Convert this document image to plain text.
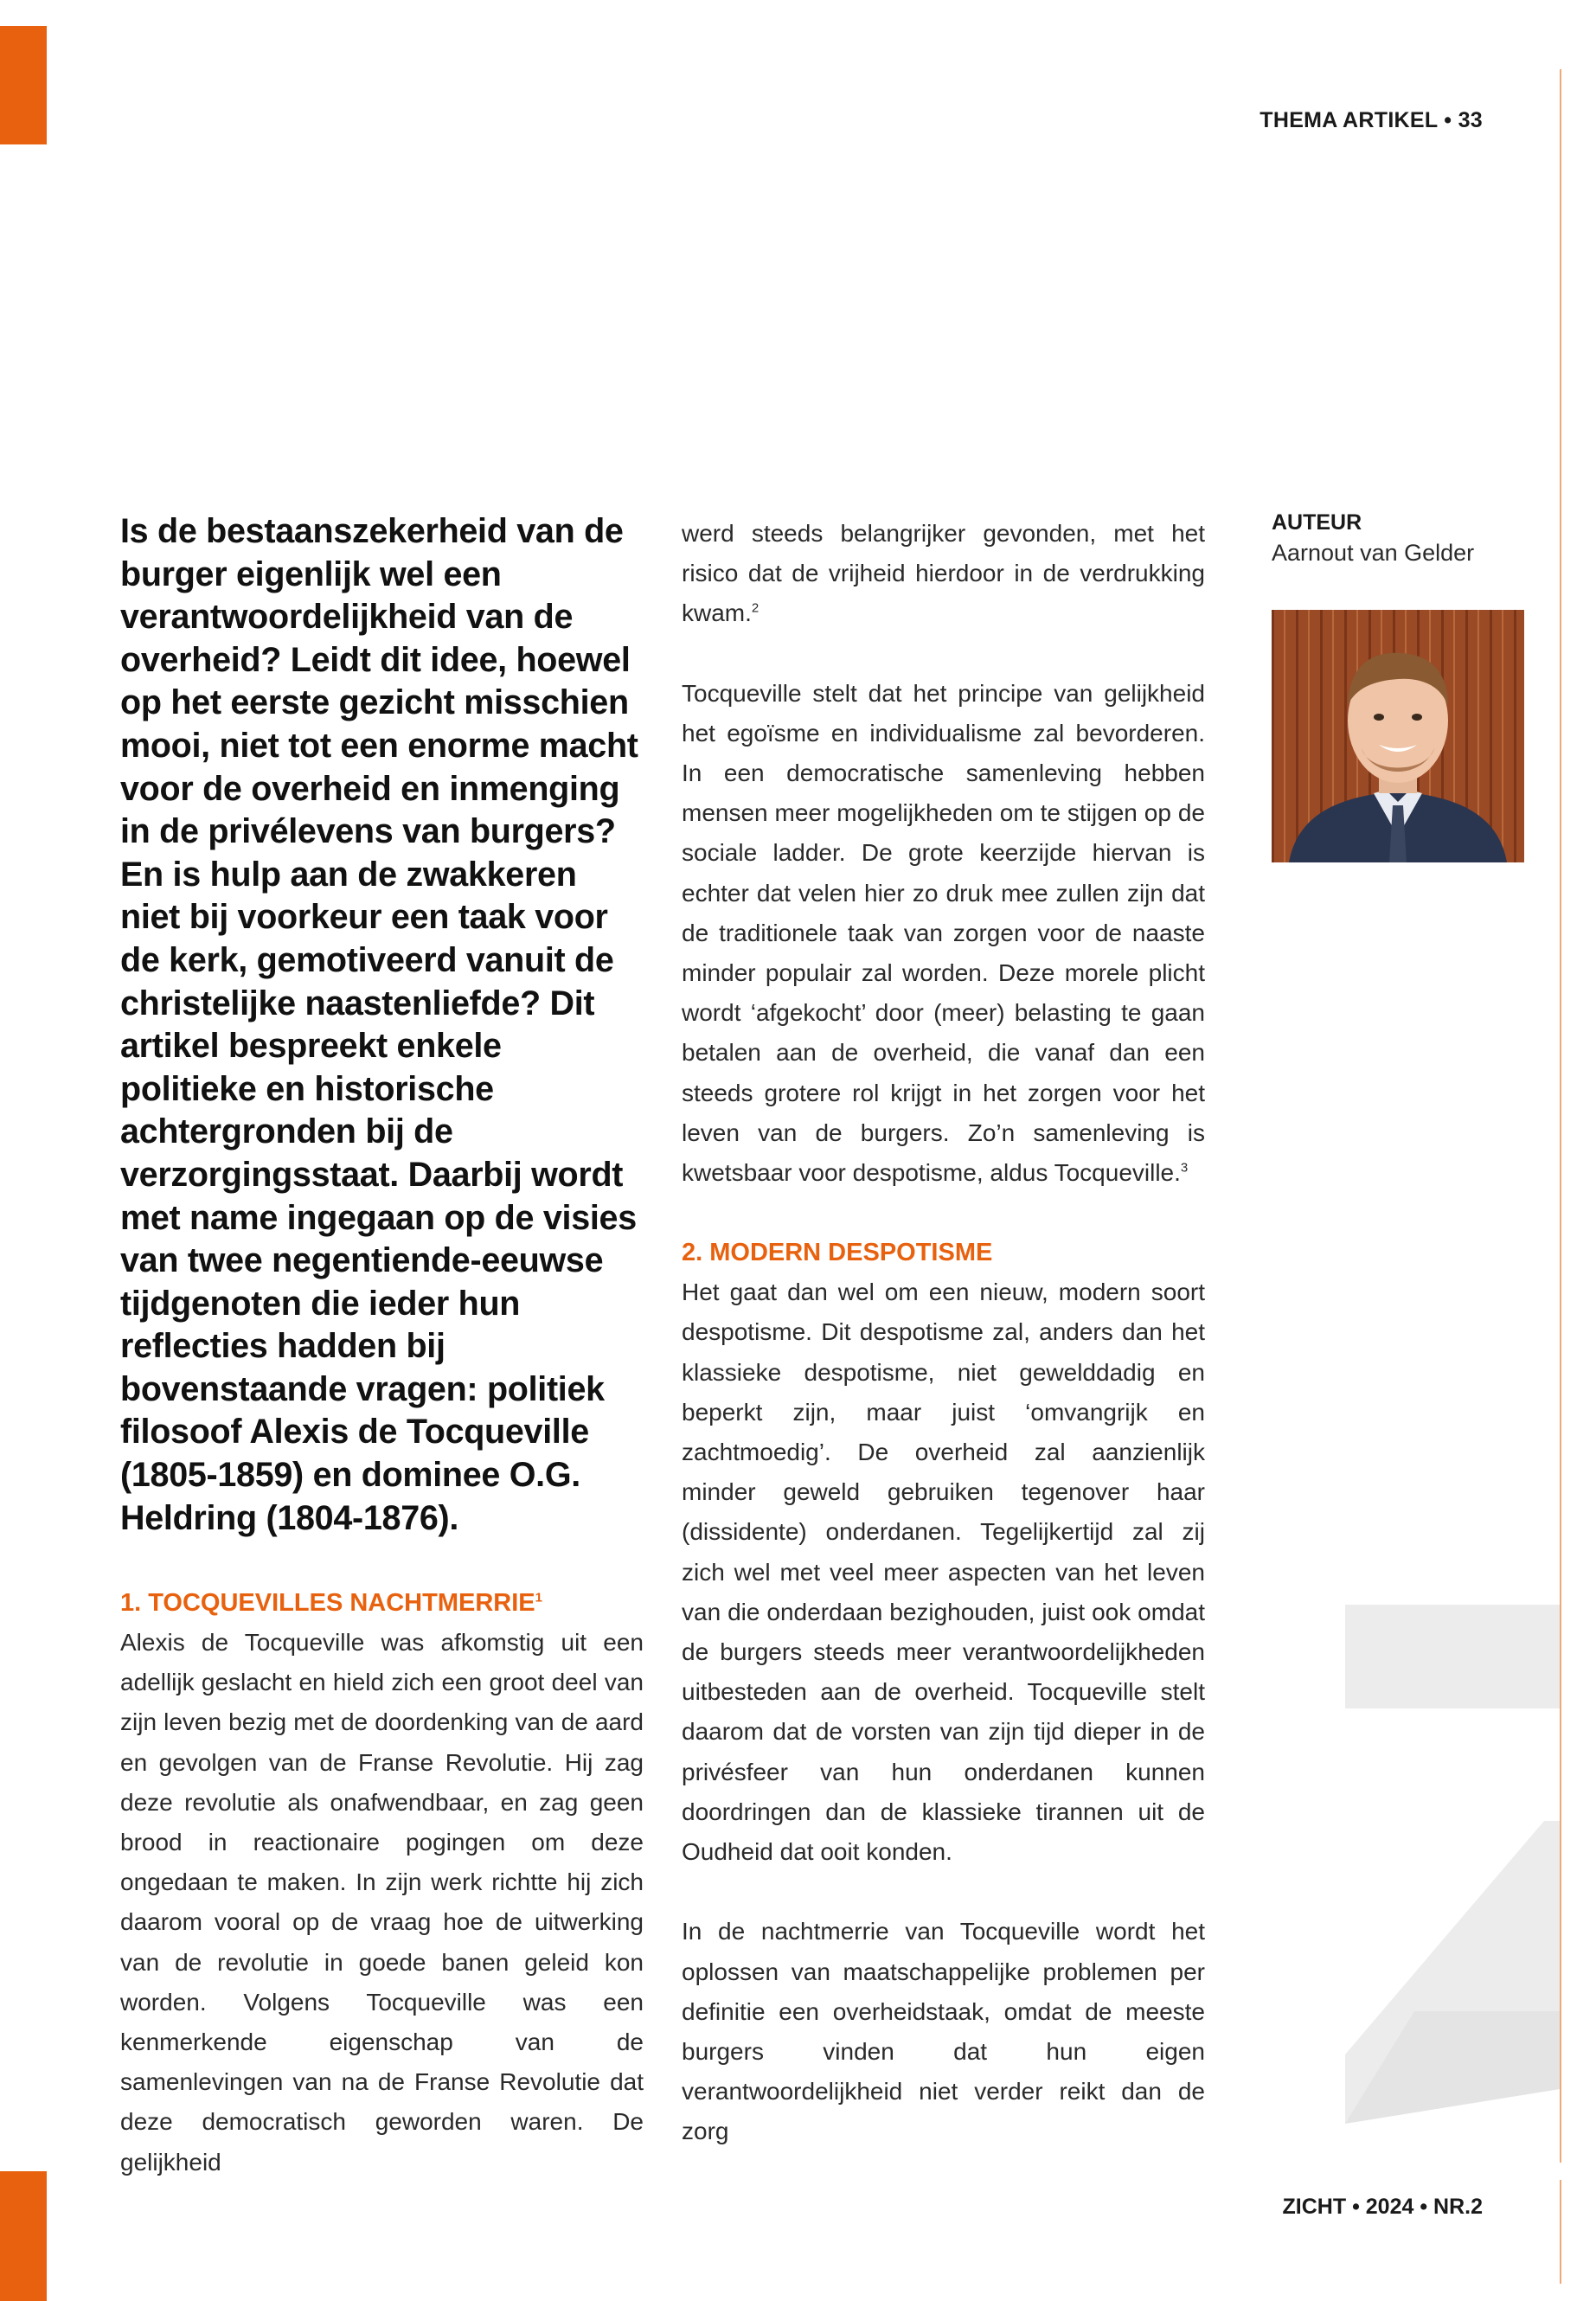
THEMA ARTIKEL • 33
Is de bestaanszekerheid van de burger eigenlijk wel een verantwoordelijkheid van de overheid? Leidt dit idee, hoewel op het eerste gezicht misschien mooi, niet tot een enorme macht voor de overheid en inmenging in de privélevens van burgers? En is hulp aan de zwakkeren niet bij voorkeur een taak voor de kerk, gemotiveerd vanuit de christelijke naastenliefde? Dit artikel bespreekt enkele politieke en historische achtergronden bij de verzorgingsstaat. Daarbij wordt met name ingegaan op de visies van twee negentiende-eeuwse tijdgenoten die ieder hun reflecties hadden bij bovenstaande vragen: politiek filosoof Alexis de Tocqueville (1805-1859) en dominee O.G. Heldring (1804-1876).
1. TOCQUEVILLES NACHTMERRIE$^1$

Alexis de Tocqueville was afkomstig uit een adellijk geslacht en hield zich een groot deel van zijn leven bezig met de doordenking van de aard en gevolgen van de Franse Revolutie. Hij zag deze revolutie als onafwendbaar, en zag geen brood in reactionaire pogingen om deze ongedaan te maken. In zijn werk richtte hij zich daarom vooral op de vraag hoe de uitwerking van de revolutie in goede banen geleid kon worden. Volgens Tocqueville was een kenmerkende eigenschap van de samenlevingen van na de Franse Revolutie dat deze democratisch geworden waren. De gelijkheid

werd steeds belangrijker gevonden, met het risico dat de vrijheid hierdoor in de verdrukking kwam.$^2$

Tocqueville stelt dat het principe van gelijkheid het egoïsme en individualisme zal bevorderen. In een democratische samenleving hebben mensen meer mogelijkheden om te stijgen op de sociale ladder. De grote keerzijde hiervan is echter dat velen hier zo druk mee zullen zijn dat de traditionele taak van zorgen voor de naaste minder populair zal worden. Deze morele plicht wordt ‘afgekocht’ door (meer) belasting te gaan betalen aan de overheid, die vanaf dan een steeds grotere rol krijgt in het zorgen voor het leven van de burgers. Zo’n samenleving is kwetsbaar voor despotisme, aldus Tocqueville.$^3$

2. MODERN DESPOTISME

Het gaat dan wel om een nieuw, modern soort despotisme. Dit despotisme zal, anders dan het klassieke despotisme, niet gewelddadig en beperkt zijn, maar juist ‘omvangrijk en zachtmoedig’. De overheid zal aanzienlijk minder geweld gebruiken tegenover haar (dissidente) onderdanen. Tegelijkertijd zal zij zich wel met veel meer aspecten van het leven van die onderdaan bezighouden, juist ook omdat de burgers steeds meer verantwoordelijkheden uitbesteden aan de overheid. Tocqueville stelt daarom dat de vorsten van zijn tijd dieper in de privésfeer van hun onderdanen kunnen doordringen dan de klassieke tirannen uit de Oudheid dat ooit konden.

In de nachtmerrie van Tocqueville wordt het oplossen van maatschappelijke problemen per definitie een overheidstaak, omdat de meeste burgers vinden dat hun eigen verantwoordelijkheid niet verder reikt dan de zorg

AUTEUR
Aarnout van Gelder
ZICHT • 2024 • NR.2
